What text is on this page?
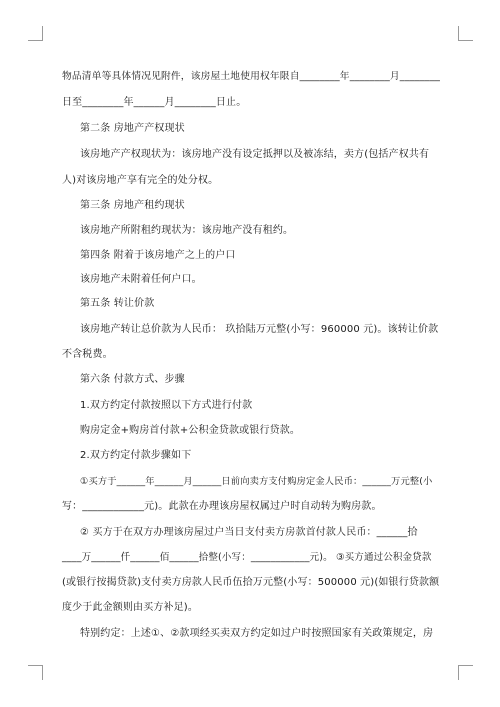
物品清单等具体情况见附件，该房屋土地使用权年限自________年________月________
日至________年______月________日止。
第二条 房地产产权现状
该房地产产权现状为：该房地产没有设定抵押以及被冻结，卖方(包括产权共有
人)对该房地产享有完全的处分权。
第三条 房地产租约现状
该房地产所附租约现状为：该房地产没有租约。
第四条 附着于该房地产之上的户口
该房地产未附着任何户口。
第五条 转让价款
该房地产转让总价款为人民币： 玖拾陆万元整(小写：960000 元)。该转让价款
不含税费。
第六条 付款方式、步骤
1.双方约定付款按照以下方式进行付款
购房定金+购房首付款+公积金贷款或银行贷款。
2.双方约定付款步骤如下
①买方于______年______月______日前向卖方支付购房定金人民币：______万元整(小
写：____________元)。此款在办理该房屋权属过户时自动转为购房款。
② 买方于在双方办理该房屋过户当日支付卖方房款首付款人民币：______拾
____万______仟______佰______拾整(小写：____________元)。 ③买方通过公积金贷款
(或银行按揭贷款)支付卖方房款人民币伍拾万元整(小写：500000 元)(如银行贷款额
度少于此金额则由买方补足)。
特别约定：上述①、②款项经买卖双方约定如过户时按照国家有关政策规定，房
